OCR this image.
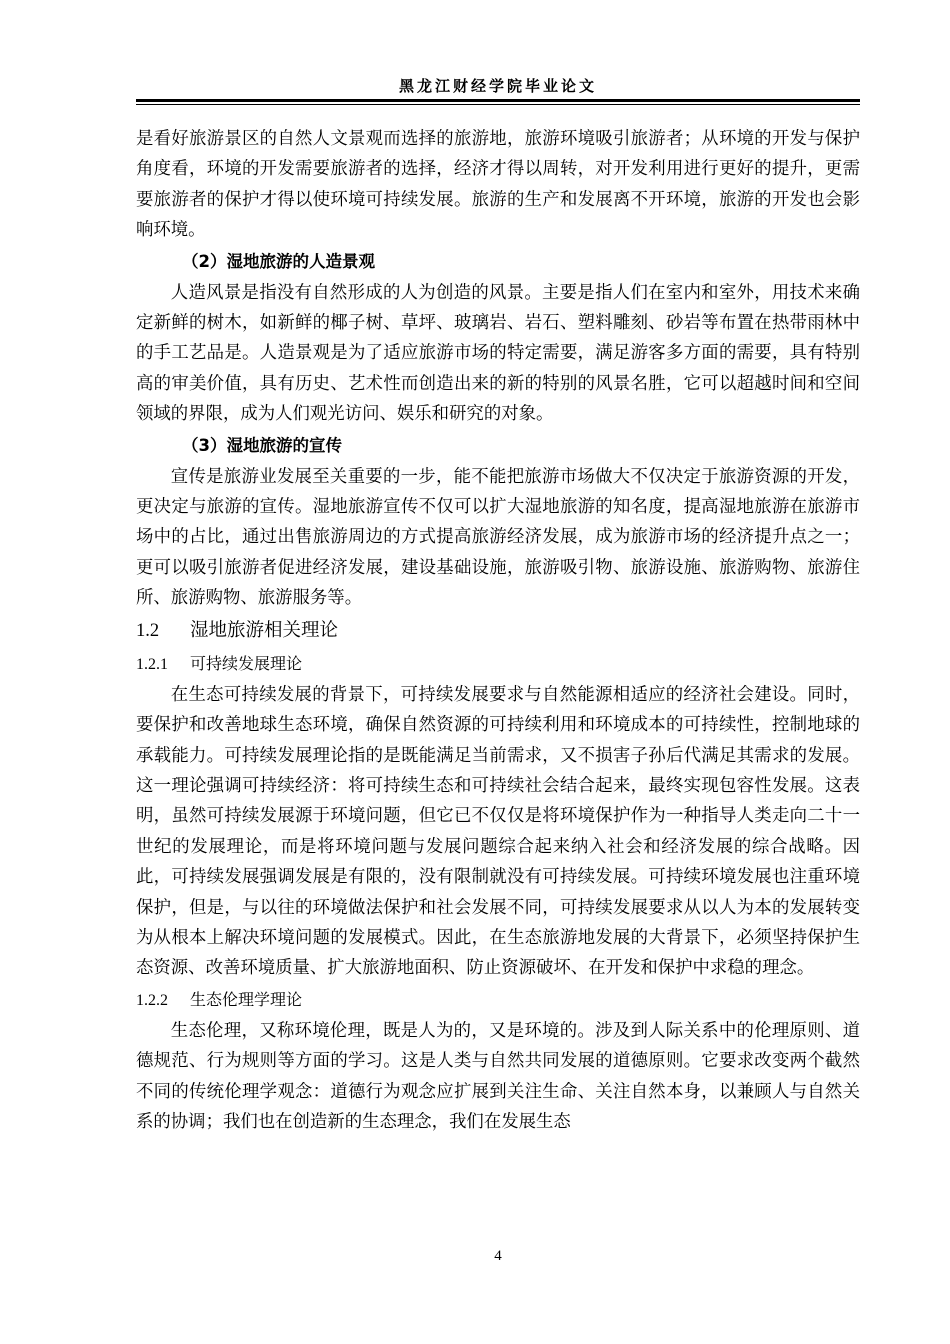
黑龙江财经学院毕业论文

是看好旅游景区的自然人文景观而选择的旅游地，旅游环境吸引旅游者；从环境的开发与保护角度看，环境的开发需要旅游者的选择，经济才得以周转，对开发利用进行更好的提升，更需要旅游者的保护才得以使环境可持续发展。旅游的生产和发展离不开环境，旅游的开发也会影响环境。

（2）湿地旅游的人造景观

人造风景是指没有自然形成的人为创造的风景。主要是指人们在室内和室外，用技术来确定新鲜的树木，如新鲜的椰子树、草坪、玻璃岩、岩石、塑料雕刻、砂岩等布置在热带雨林中的手工艺品是。人造景观是为了适应旅游市场的特定需要，满足游客多方面的需要，具有特别高的审美价值，具有历史、艺术性而创造出来的新的特别的风景名胜，它可以超越时间和空间领域的界限，成为人们观光访问、娱乐和研究的对象。

（3）湿地旅游的宣传

宣传是旅游业发展至关重要的一步，能不能把旅游市场做大不仅决定于旅游资源的开发，更决定与旅游的宣传。湿地旅游宣传不仅可以扩大湿地旅游的知名度，提高湿地旅游在旅游市场中的占比，通过出售旅游周边的方式提高旅游经济发展，成为旅游市场的经济提升点之一；更可以吸引旅游者促进经济发展，建设基础设施，旅游吸引物、旅游设施、旅游购物、旅游住所、旅游购物、旅游服务等。

1.2 湿地旅游相关理论

1.2.1 可持续发展理论

在生态可持续发展的背景下，可持续发展要求与自然能源相适应的经济社会建设。同时，要保护和改善地球生态环境，确保自然资源的可持续利用和环境成本的可持续性，控制地球的承载能力。可持续发展理论指的是既能满足当前需求，又不损害子孙后代满足其需求的发展。这一理论强调可持续经济：将可持续生态和可持续社会结合起来，最终实现包容性发展。这表明，虽然可持续发展源于环境问题，但它已不仅仅是将环境保护作为一种指导人类走向二十一世纪的发展理论，而是将环境问题与发展问题综合起来纳入社会和经济发展的综合战略。因此，可持续发展强调发展是有限的，没有限制就没有可持续发展。可持续环境发展也注重环境保护，但是，与以往的环境做法保护和社会发展不同，可持续发展要求从以人为本的发展转变为从根本上解决环境问题的发展模式。因此，在生态旅游地发展的大背景下，必须坚持保护生态资源、改善环境质量、扩大旅游地面积、防止资源破坏、在开发和保护中求稳的理念。

1.2.2 生态伦理学理论

生态伦理，又称环境伦理，既是人为的，又是环境的。涉及到人际关系中的伦理原则、道德规范、行为规则等方面的学习。这是人类与自然共同发展的道德原则。它要求改变两个截然不同的传统伦理学观念：道德行为观念应扩展到关注生命、关注自然本身，以兼顾人与自然关系的协调；我们也在创造新的生态理念，我们在发展生态

4
